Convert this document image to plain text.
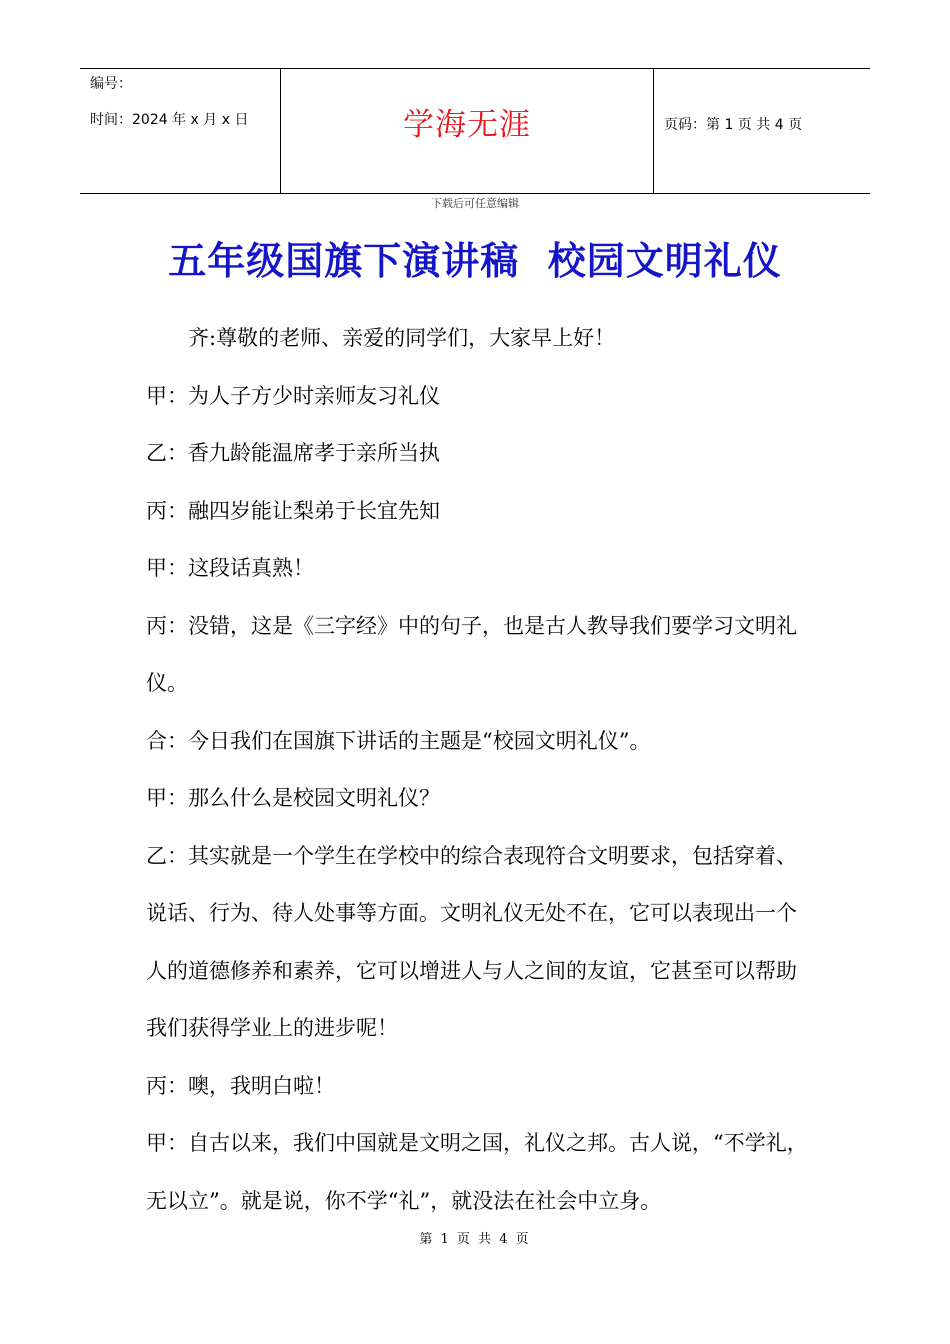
编号：
时间：2024 年 x 月 x 日	学海无涯	页码：第 1 页 共 4 页
下载后可任意编辑
五年级国旗下演讲稿  校园文明礼仪

齐:尊敬的老师、亲爱的同学们，大家早上好！

甲：为人子方少时亲师友习礼仪

乙：香九龄能温席孝于亲所当执

丙：融四岁能让梨弟于长宜先知

甲：这段话真熟！

丙：没错，这是《三字经》中的句子，也是古人教导我们要学习文明礼仪。

合：今日我们在国旗下讲话的主题是“校园文明礼仪”。

甲：那么什么是校园文明礼仪？

乙：其实就是一个学生在学校中的综合表现符合文明要求，包括穿着、说话、行为、待人处事等方面。文明礼仪无处不在，它可以表现出一个人的道德修养和素养，它可以增进人与人之间的友谊，它甚至可以帮助我们获得学业上的进步呢！

丙：噢，我明白啦！

甲：自古以来，我们中国就是文明之国，礼仪之邦。古人说，“不学礼，无以立”。就是说，你不学“礼”，就没法在社会中立身。

第 1 页 共 4 页
